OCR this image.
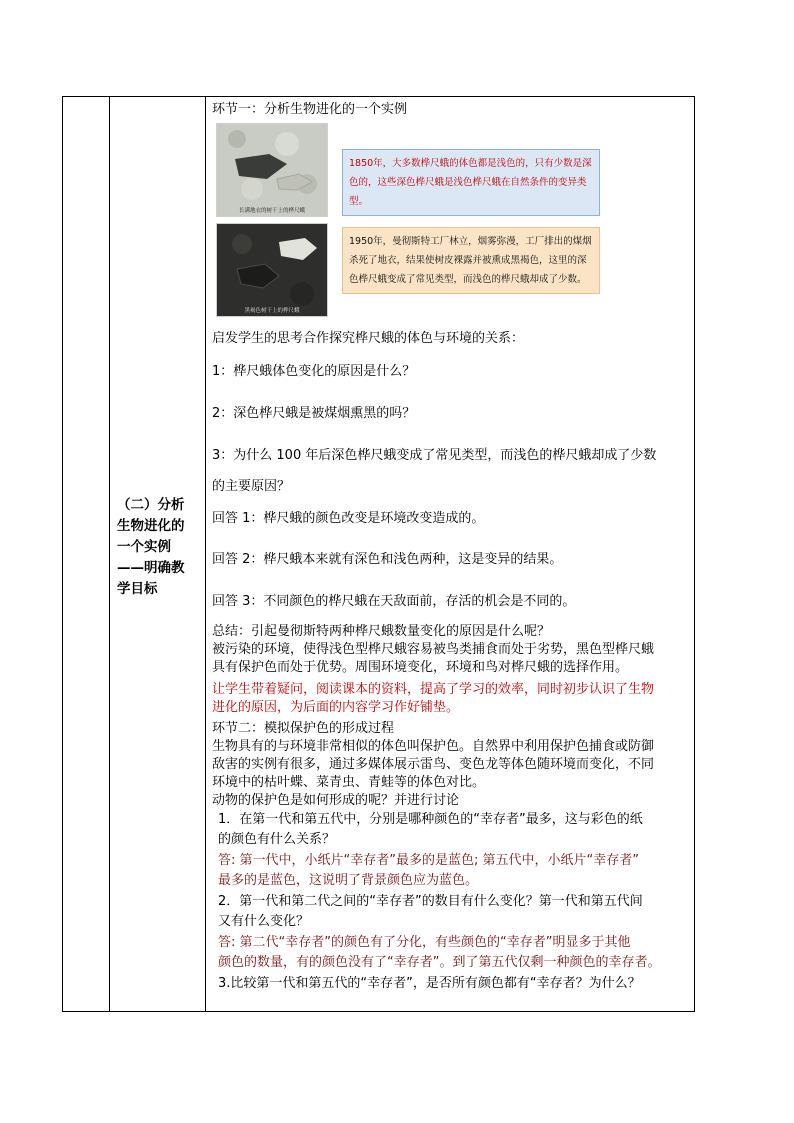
（二）分析生物进化的一个实例——明确教学目标
环节一：分析生物进化的一个实例
长满地衣的树干上的桦尺蛾
黑褐色树干上的桦尺蛾
1850年，大多数桦尺蛾的体色都是浅色的，只有少数是深色的，这些深色桦尺蛾是浅色桦尺蛾在自然条件的变异类型。
1950年，曼彻斯特工厂林立，烟雾弥漫，工厂排出的煤烟杀死了地衣，结果使树皮裸露并被熏成黑褐色，这里的深色桦尺蛾变成了常见类型，而浅色的桦尺蛾却成了少数。
启发学生的思考合作探究桦尺蛾的体色与环境的关系：
1：桦尺蛾体色变化的原因是什么？
2：深色桦尺蛾是被煤烟熏黑的吗？
3：为什么 100 年后深色桦尺蛾变成了常见类型，而浅色的桦尺蛾却成了少数
的主要原因？
回答 1：桦尺蛾的颜色改变是环境改变造成的。
回答 2：桦尺蛾本来就有深色和浅色两种，这是变异的结果。
回答 3：不同颜色的桦尺蛾在天敌面前，存活的机会是不同的。
总结：引起曼彻斯特两种桦尺蛾数量变化的原因是什么呢？
被污染的环境，使得浅色型桦尺蛾容易被鸟类捕食而处于劣势，黑色型桦尺蛾
具有保护色而处于优势。周围环境变化，环境和鸟对桦尺蛾的选择作用。
让学生带着疑问，阅读课本的资料，提高了学习的效率，同时初步认识了生物
进化的原因，为后面的内容学习作好铺垫。
环节二：模拟保护色的形成过程
生物具有的与环境非常相似的体色叫保护色。自然界中利用保护色捕食或防御
敌害的实例有很多，通过多媒体展示雷鸟、变色龙等体色随环境而变化，不同
环境中的枯叶蝶、菜青虫、青蛙等的体色对比。
动物的保护色是如何形成的呢？并进行讨论
1．在第一代和第五代中，分别是哪种颜色的“幸存者”最多，这与彩色的纸
的颜色有什么关系？
答: 第一代中，小纸片“幸存者”最多的是蓝色; 第五代中，小纸片“幸存者”
最多的是蓝色，这说明了背景颜色应为蓝色。
2．第一代和第二代之间的“幸存者”的数目有什么变化？第一代和第五代间
又有什么变化？
答: 第二代“幸存者”的颜色有了分化，有些颜色的“幸存者”明显多于其他
颜色的数量，有的颜色没有了“幸存者”。到了第五代仅剩一种颜色的幸存者。
3.比较第一代和第五代的“幸存者”，是否所有颜色都有“幸存者？为什么？
